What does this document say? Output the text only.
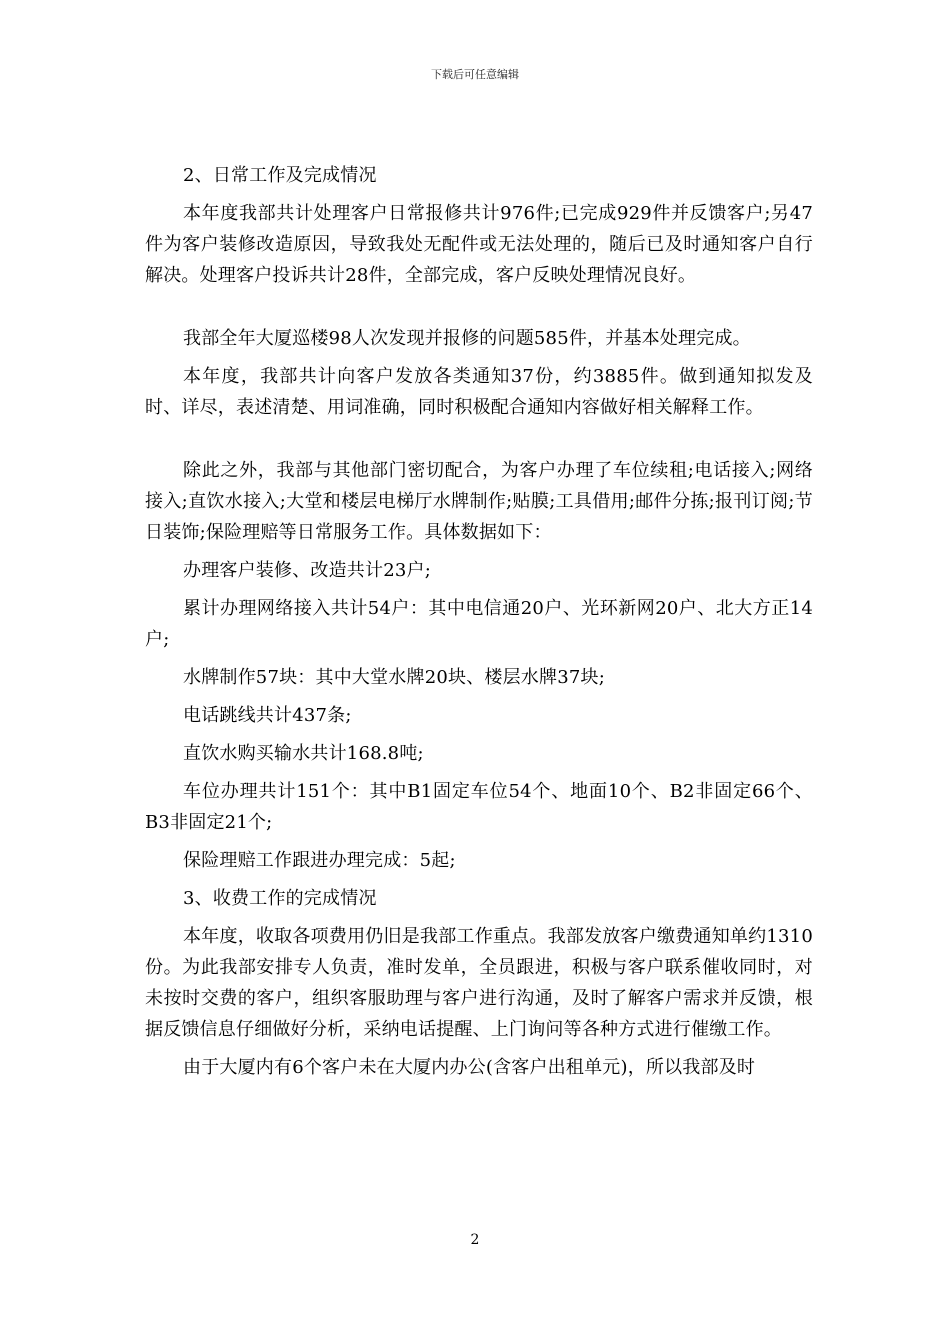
下载后可任意编辑

2、日常工作及完成情况

本年度我部共计处理客户日常报修共计976件;已完成929件并反馈客户;另47件为客户装修改造原因，导致我处无配件或无法处理的，随后已及时通知客户自行解决。处理客户投诉共计28件，全部完成，客户反映处理情况良好。

我部全年大厦巡楼98人次发现并报修的问题585件，并基本处理完成。

本年度，我部共计向客户发放各类通知37份，约3885件。做到通知拟发及时、详尽，表述清楚、用词准确，同时积极配合通知内容做好相关解释工作。

除此之外，我部与其他部门密切配合，为客户办理了车位续租;电话接入;网络接入;直饮水接入;大堂和楼层电梯厅水牌制作;贴膜;工具借用;邮件分拣;报刊订阅;节日装饰;保险理赔等日常服务工作。具体数据如下：

办理客户装修、改造共计23户;

累计办理网络接入共计54户：其中电信通20户、光环新网20户、北大方正14户;

水牌制作57块：其中大堂水牌20块、楼层水牌37块;

电话跳线共计437条;

直饮水购买输水共计168.8吨;

车位办理共计151个：其中B1固定车位54个、地面10个、B2非固定66个、B3非固定21个;

保险理赔工作跟进办理完成：5起;

3、收费工作的完成情况

本年度，收取各项费用仍旧是我部工作重点。我部发放客户缴费通知单约1310份。为此我部安排专人负责，准时发单，全员跟进，积极与客户联系催收同时，对未按时交费的客户，组织客服助理与客户进行沟通，及时了解客户需求并反馈，根据反馈信息仔细做好分析，采纳电话提醒、上门询问等各种方式进行催缴工作。

由于大厦内有6个客户未在大厦内办公(含客户出租单元)，所以我部及时

2
